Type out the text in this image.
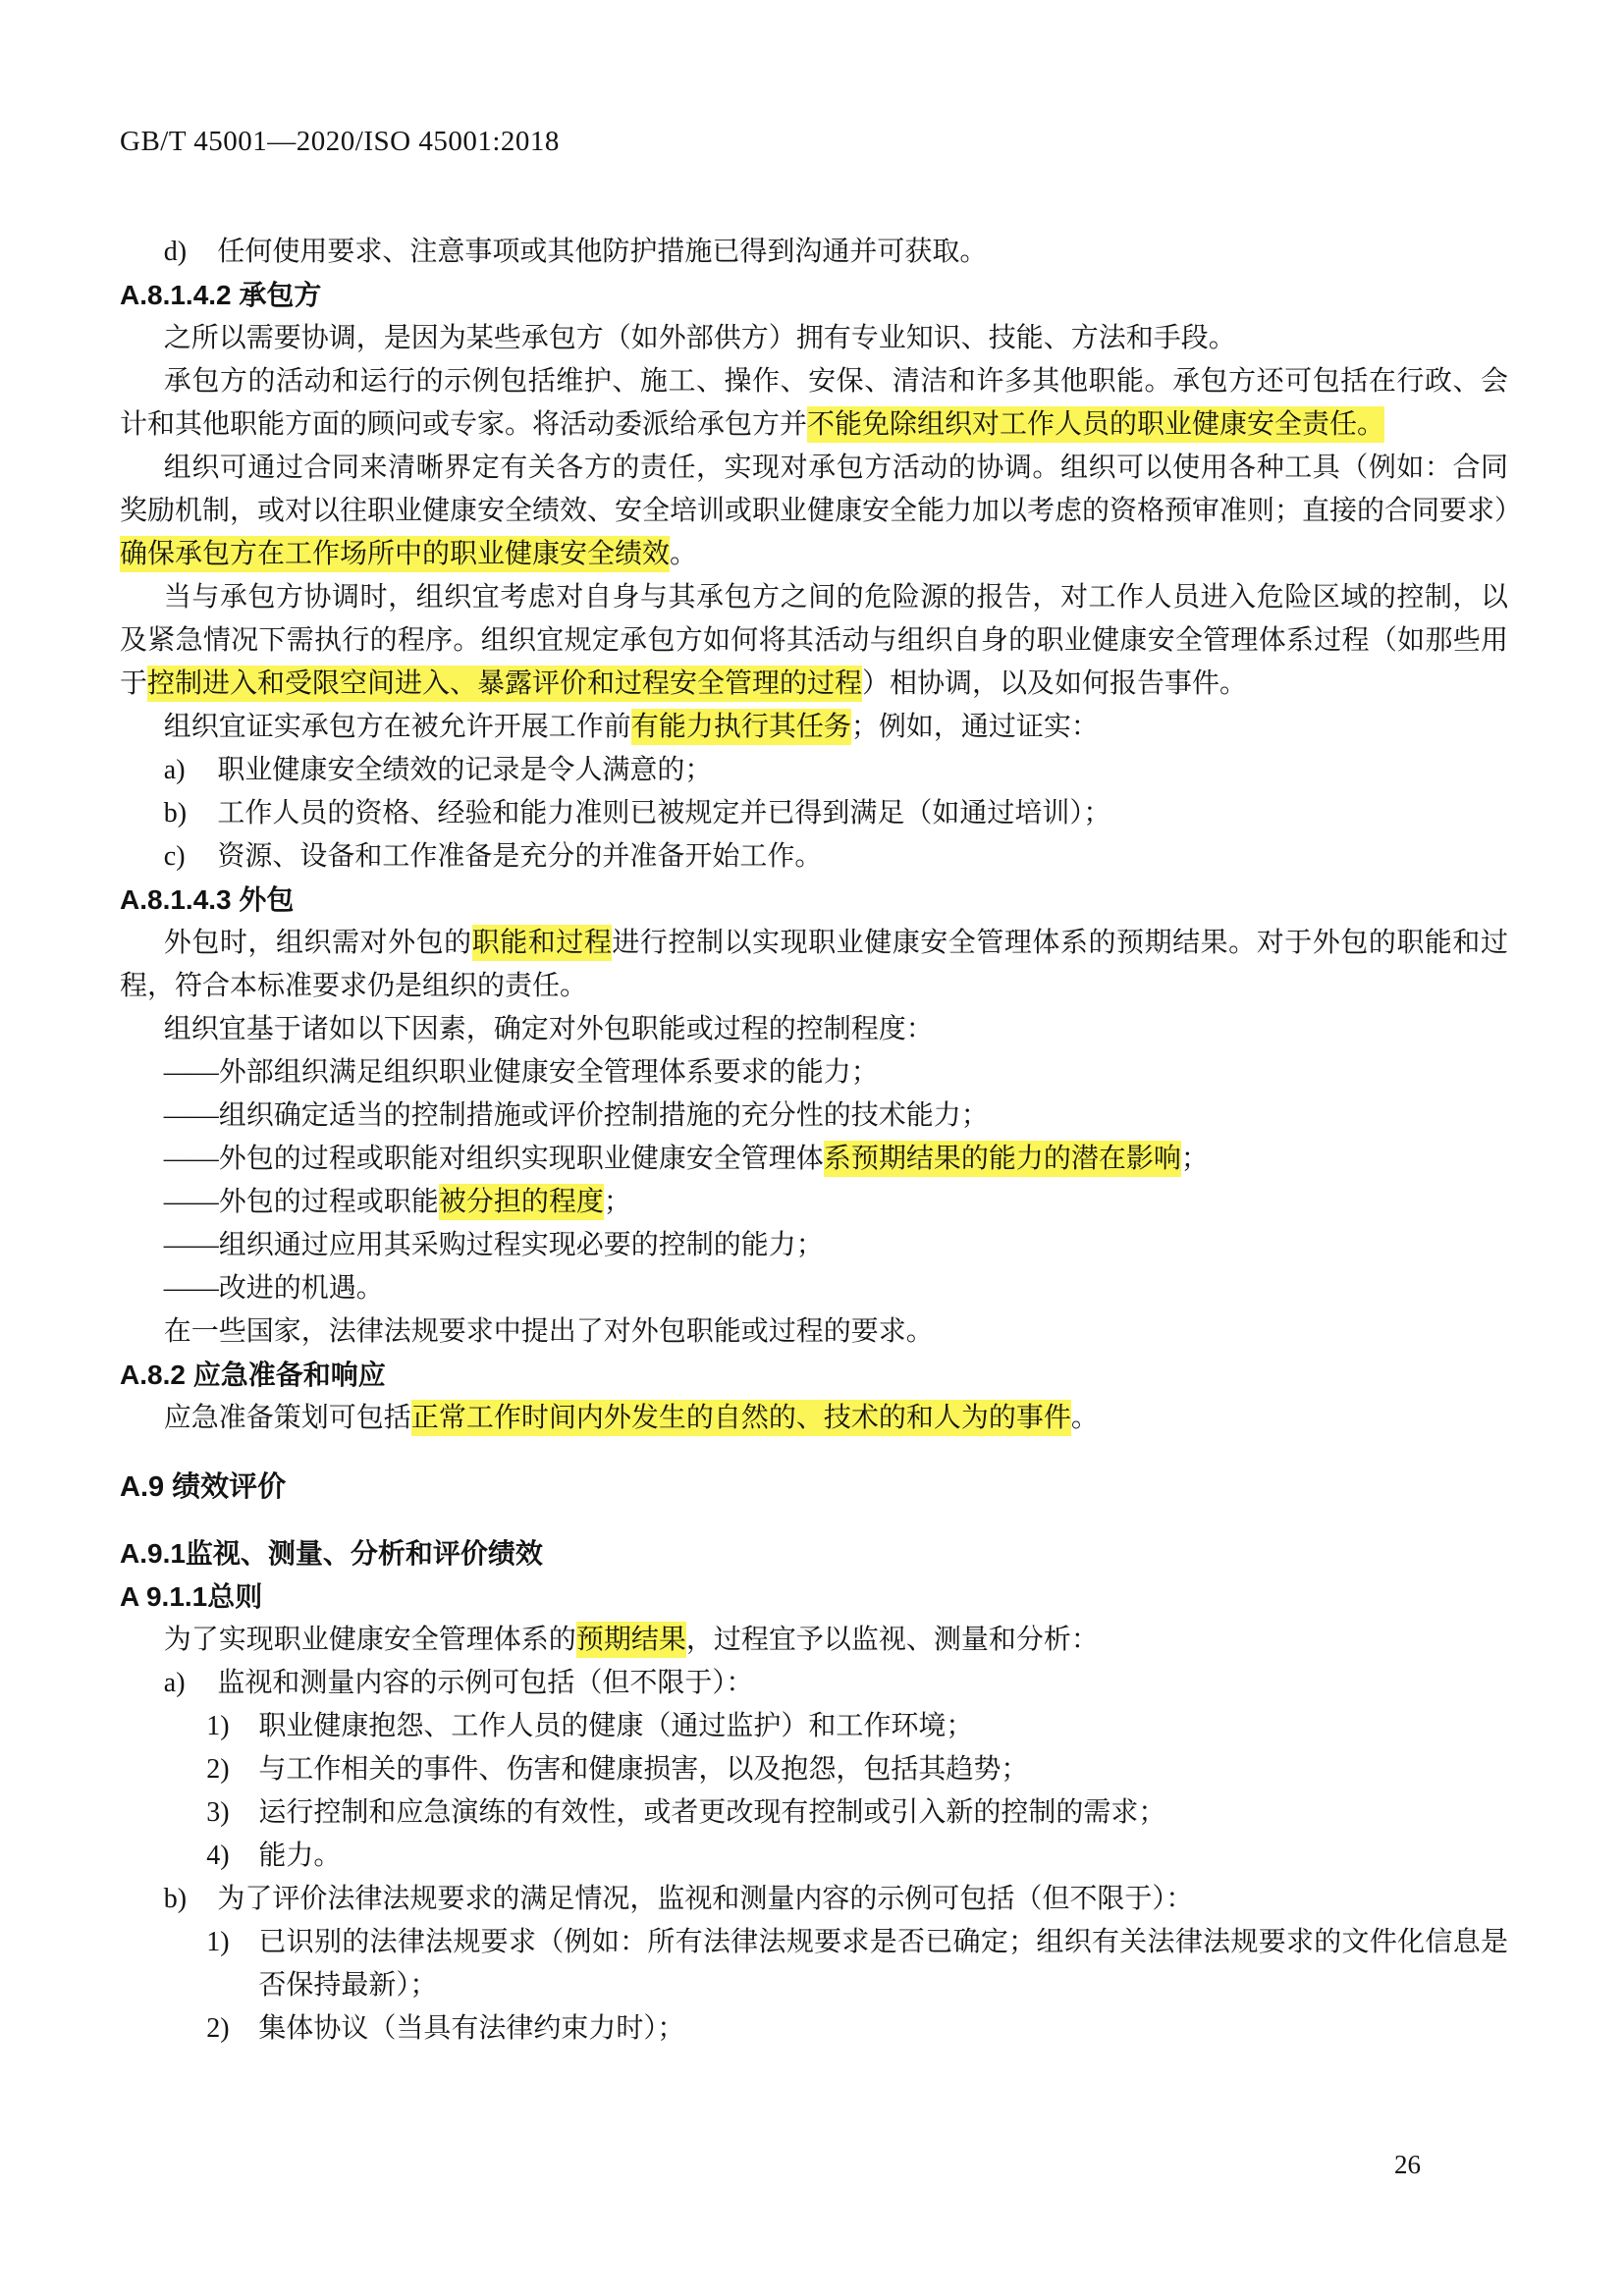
GB/T 45001—2020/ISO 45001:2018
d) 任何使用要求、注意事项或其他防护措施已得到沟通并可获取。
A.8.1.4.2 承包方
之所以需要协调，是因为某些承包方（如外部供方）拥有专业知识、技能、方法和手段。
承包方的活动和运行的示例包括维护、施工、操作、安保、清洁和许多其他职能。承包方还可包括在行政、会计和其他职能方面的顾问或专家。将活动委派给承包方并不能免除组织对工作人员的职业健康安全责任。
组织可通过合同来清晰界定有关各方的责任，实现对承包方活动的协调。组织可以使用各种工具（例如：合同奖励机制，或对以往职业健康安全绩效、安全培训或职业健康安全能力加以考虑的资格预审准则；直接的合同要求）确保承包方在工作场所中的职业健康安全绩效。
当与承包方协调时，组织宜考虑对自身与其承包方之间的危险源的报告，对工作人员进入危险区域的控制，以及紧急情况下需执行的程序。组织宜规定承包方如何将其活动与组织自身的职业健康安全管理体系过程（如那些用于控制进入和受限空间进入、暴露评价和过程安全管理的过程）相协调，以及如何报告事件。
组织宜证实承包方在被允许开展工作前有能力执行其任务；例如，通过证实：
a) 职业健康安全绩效的记录是令人满意的；
b) 工作人员的资格、经验和能力准则已被规定并已得到满足（如通过培训）；
c) 资源、设备和工作准备是充分的并准备开始工作。
A.8.1.4.3 外包
外包时，组织需对外包的职能和过程进行控制以实现职业健康安全管理体系的预期结果。对于外包的职能和过程，符合本标准要求仍是组织的责任。
组织宜基于诸如以下因素，确定对外包职能或过程的控制程度：
——外部组织满足组织职业健康安全管理体系要求的能力；
——组织确定适当的控制措施或评价控制措施的充分性的技术能力；
——外包的过程或职能对组织实现职业健康安全管理体系预期结果的能力的潜在影响；
——外包的过程或职能被分担的程度；
——组织通过应用其采购过程实现必要的控制的能力；
——改进的机遇。
在一些国家，法律法规要求中提出了对外包职能或过程的要求。
A.8.2 应急准备和响应
应急准备策划可包括正常工作时间内外发生的自然的、技术的和人为的事件。
A.9 绩效评价
A.9.1监视、测量、分析和评价绩效
A 9.1.1总则
为了实现职业健康安全管理体系的预期结果，过程宜予以监视、测量和分析：
a) 监视和测量内容的示例可包括（但不限于）：
1) 职业健康抱怨、工作人员的健康（通过监护）和工作环境；
2) 与工作相关的事件、伤害和健康损害，以及抱怨，包括其趋势；
3) 运行控制和应急演练的有效性，或者更改现有控制或引入新的控制的需求；
4) 能力。
b) 为了评价法律法规要求的满足情况，监视和测量内容的示例可包括（但不限于）：
1) 已识别的法律法规要求（例如：所有法律法规要求是否已确定；组织有关法律法规要求的文件化信息是否保持最新）；
2) 集体协议（当具有法律约束力时）；
26
